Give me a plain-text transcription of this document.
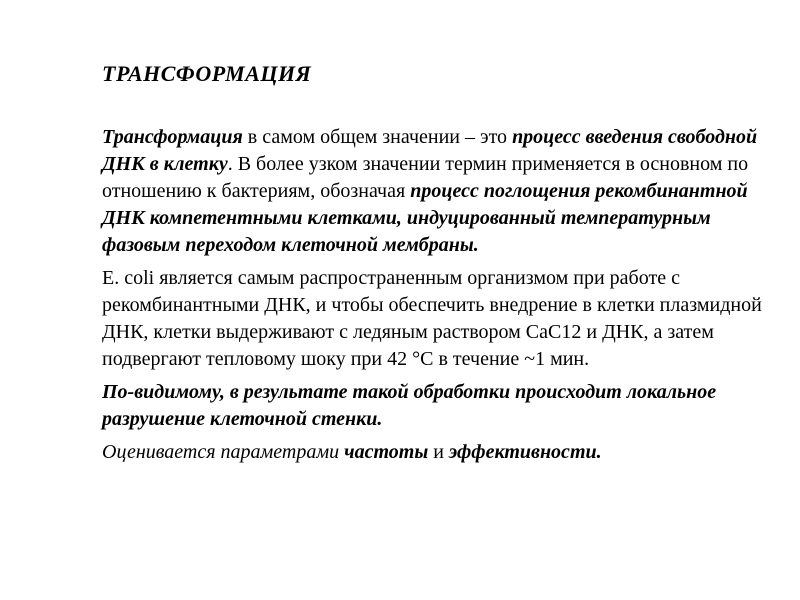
ТРАНСФОРМАЦИЯ

Трансформация в самом общем значении – это процесс введения свободной ДНК в клетку. В более узком значении термин применяется в основном по отношению к бактериям, обозначая процесс поглощения рекомбинантной ДНК компетентными клетками, индуцированный температурным фазовым переходом клеточной мембраны.

E. coli является самым распространенным организмом при работе с рекомбинантными ДНК, и чтобы обеспечить внедрение в клетки плазмидной ДНК, клетки выдерживают с ледяным раствором CaC12 и ДНК, а затем подвергают тепловому шоку при 42 °С в течение ~1 мин.

По-видимому, в результате такой обработки происходит локальное разрушение клеточной стенки.

Оценивается параметрами частоты и эффективности.
